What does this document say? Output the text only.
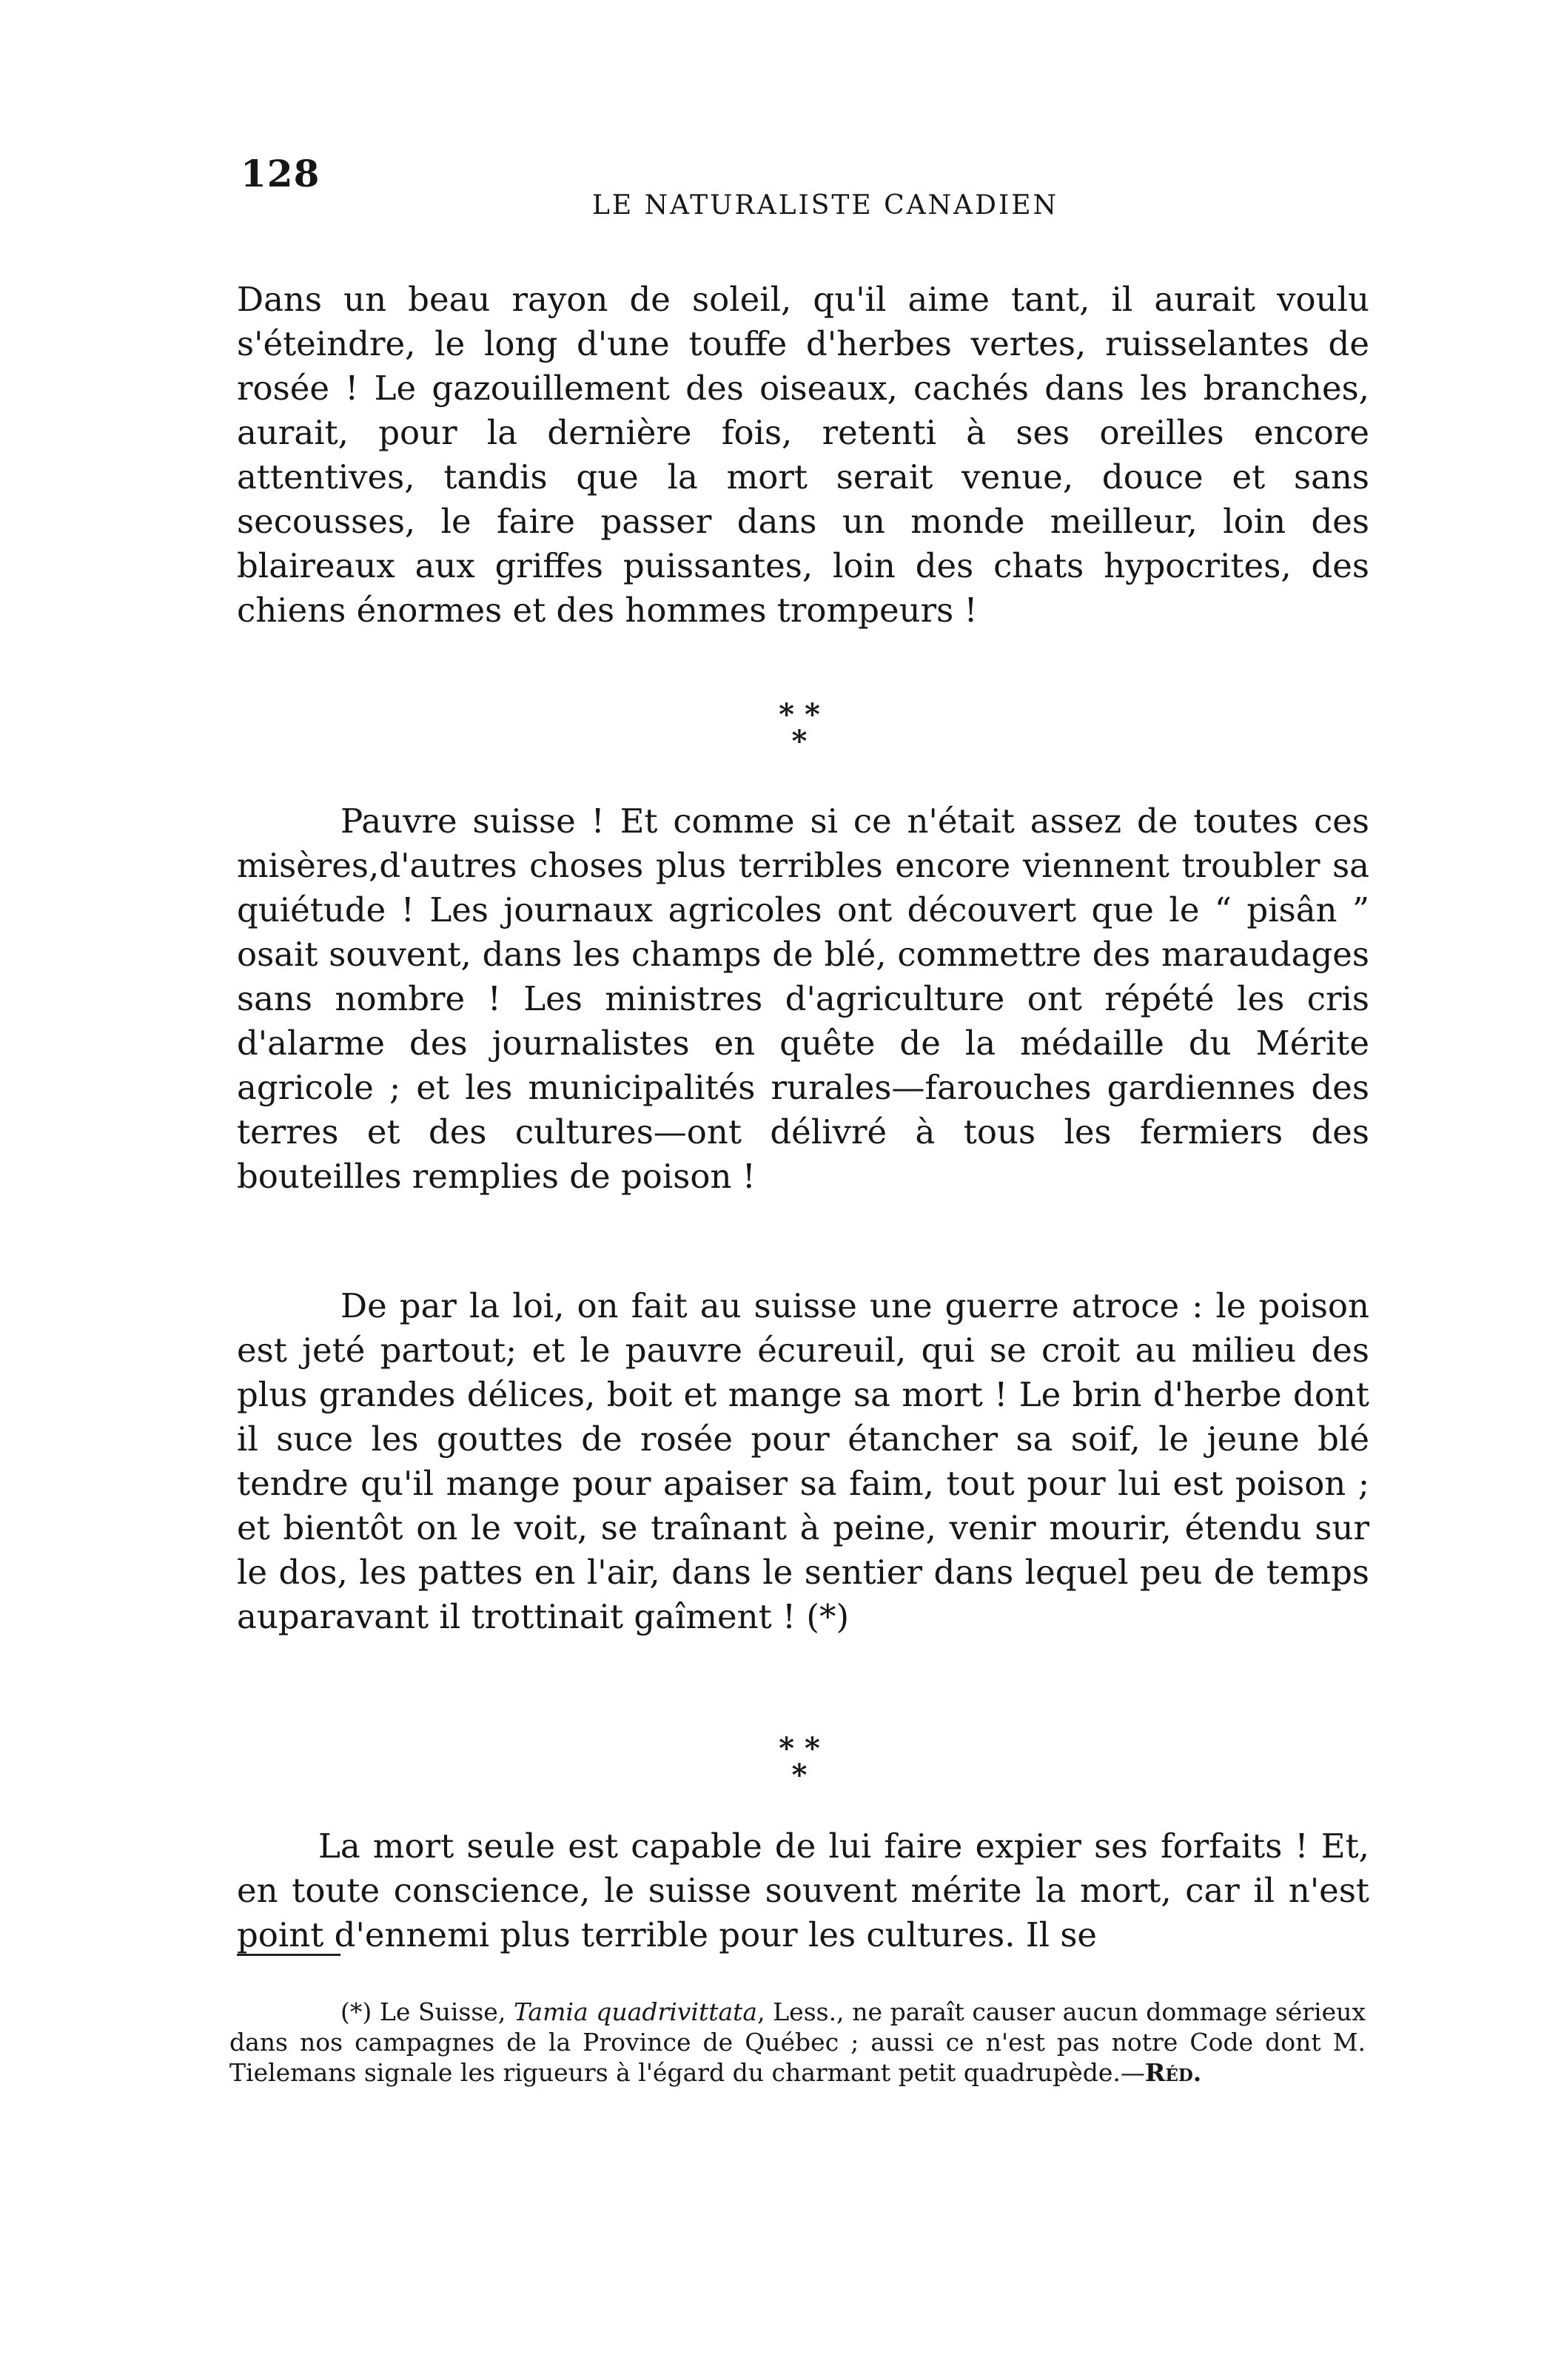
128
LE NATURALISTE CANADIEN

Dans un beau rayon de soleil, qu'il aime tant, il aurait voulu s'éteindre, le long d'une touffe d'herbes vertes, ruisselantes de rosée ! Le gazouillement des oiseaux, cachés dans les branches, aurait, pour la dernière fois, retenti à ses oreilles encore attentives, tandis que la mort serait venue, douce et sans secousses, le faire passer dans un monde meilleur, loin des blaireaux aux griffes puissantes, loin des chats hypocrites, des chiens énormes et des hommes trompeurs !

* *
*

Pauvre suisse ! Et comme si ce n'était assez de toutes ces misères,d'autres choses plus terribles encore viennent troubler sa quiétude ! Les journaux agricoles ont découvert que le “ pisân ” osait souvent, dans les champs de blé, commettre des maraudages sans nombre ! Les ministres d'agriculture ont répété les cris d'alarme des journalistes en quête de la médaille du Mérite agricole ; et les municipalités rurales—farouches gardiennes des terres et des cultures—ont délivré à tous les fermiers des bouteilles remplies de poison !

De par la loi, on fait au suisse une guerre atroce : le poison est jeté partout; et le pauvre écureuil, qui se croit au milieu des plus grandes délices, boit et mange sa mort ! Le brin d'herbe dont il suce les gouttes de rosée pour étancher sa soif, le jeune blé tendre qu'il mange pour apaiser sa faim, tout pour lui est poison ; et bientôt on le voit, se traînant à peine, venir mourir, étendu sur le dos, les pattes en l'air, dans le sentier dans lequel peu de temps auparavant il trottinait gaîment ! (*)

* *
*

La mort seule est capable de lui faire expier ses forfaits ! Et, en toute conscience, le suisse souvent mérite la mort, car il n'est point d'ennemi plus terrible pour les cultures. Il se

(*) Le Suisse, Tamia quadrivittata, Less., ne paraît causer aucun dommage sérieux dans nos campagnes de la Province de Québec ; aussi ce n'est pas notre Code dont M. Tielemans signale les rigueurs à l'égard du charmant petit quadrupède.—Réd.
